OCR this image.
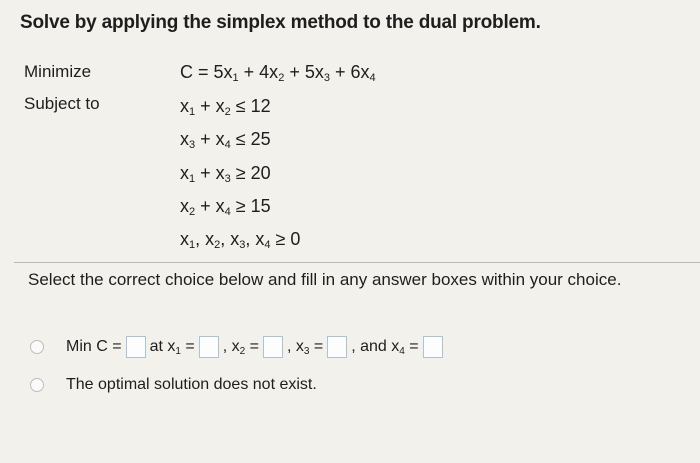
Solve by applying the simplex method to the dual problem.
Minimize
Subject to
$C = 5x_1 + 4x_2 + 5x_3 + 6x_4$
$x_1 + x_2 \le 12$
$x_3 + x_4 \le 25$
$x_1 + x_3 \ge 20$
$x_2 + x_4 \ge 15$
$x_1$, $x_2$, $x_3$, $x_4 \ge 0$
Select the correct choice below and fill in any answer boxes within your choice.
Min C = at $x_1$ = , $x_2$ = , $x_3$ = , and $x_4$ =
The optimal solution does not exist.
